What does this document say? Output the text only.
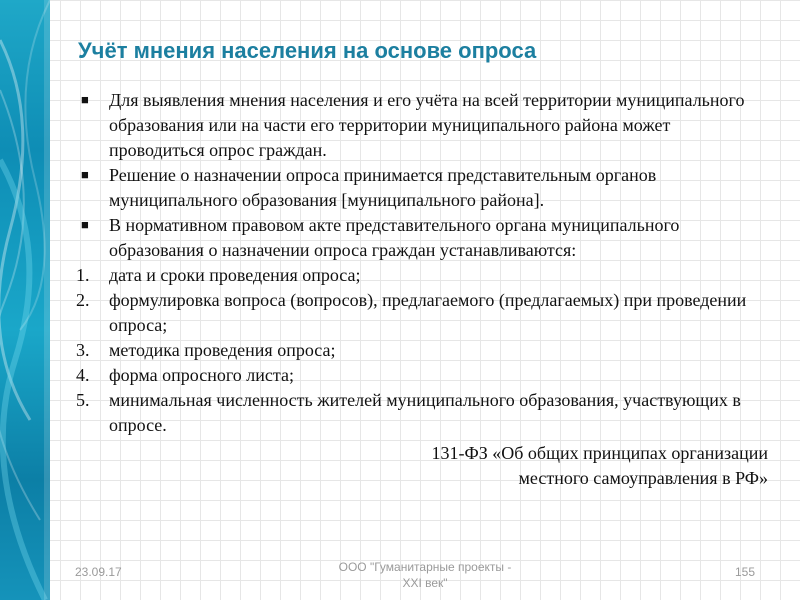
Учёт мнения населения на основе опроса
■	Для выявления мнения населения и его учёта на всей территории муниципального образования или на части его территории муниципального района может проводиться опрос граждан.
■	Решение о назначении опроса принимается представительным органов муниципального образования [муниципального района].
■	В нормативном правовом акте представительного органа муниципального образования о назначении опроса граждан устанавливаются:
1.	дата и сроки проведения опроса;
2.	формулировка вопроса (вопросов), предлагаемого (предлагаемых) при проведении опроса;
3.	методика проведения опроса;
4.	форма опросного листа;
5.	минимальная численность жителей муниципального образования, участвующих в опросе.
131-ФЗ «Об общих принципах организации
местного самоуправления в РФ»
23.09.17	ООО "Гуманитарные проекты -
XXI век"
155
